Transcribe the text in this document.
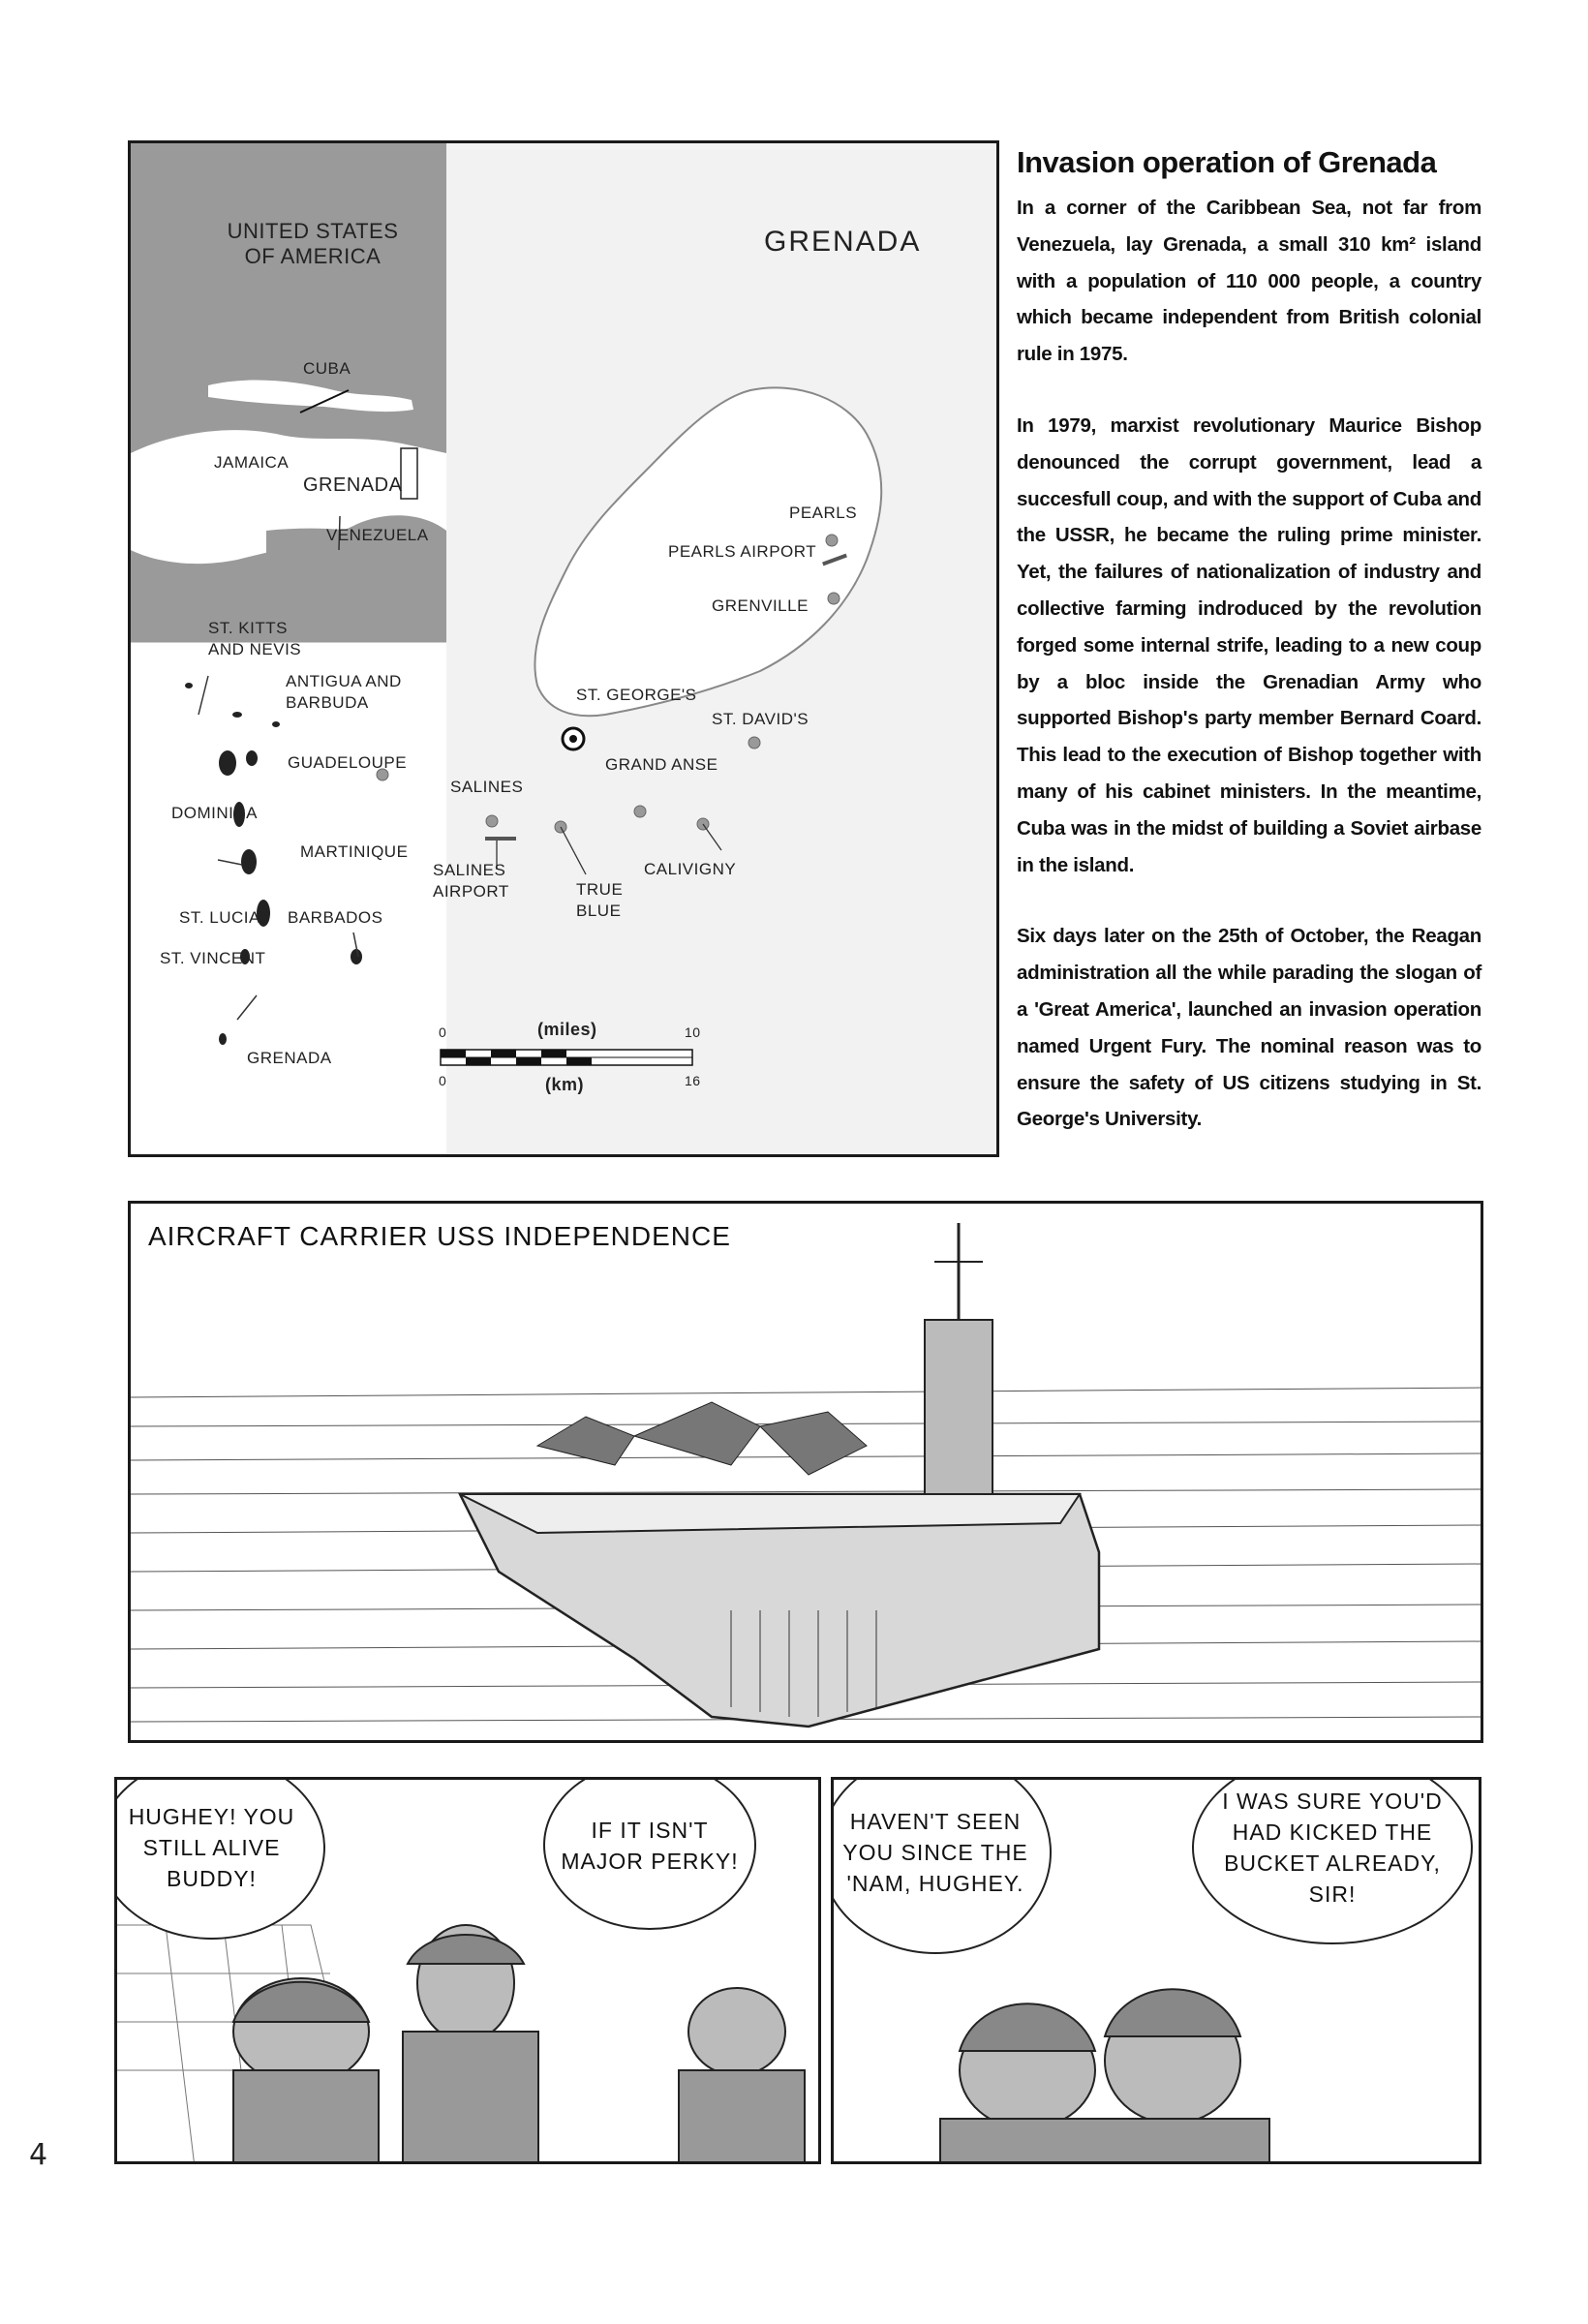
UNITED STATES OF AMERICA	GRENADA
CUBA
JAMAICA
GRENADA
VENEZUELA
PEARLS
PEARLS AIRPORT
GRENVILLE
ST. KITTS AND NEVIS
ST. GEORGE'S
ST. DAVID'S
ANTIGUA AND BARBUDA
GUADELOUPE	GRAND ANSE
SALINES
DOMINICA
MARTINIQUE
SALINES AIRPORT	TRUE BLUE
CALIVIGNY
ST. LUCIA BARBADOS
ST. VINCENT
GRENADA
0	(miles)	10
0	(km)	16
Invasion operation of Grenada

In a corner of the Caribbean Sea, not far from Venezuela, lay Grenada, a small 310 km² island with a population of 110 000 people, a country which became independent from British colonial rule in 1975.

In 1979, marxist revolutionary Maurice Bishop denounced the corrupt government, lead a succesfull coup, and with the support of Cuba and the USSR, he became the ruling prime minister. Yet, the failures of nationalization of industry and collective farming indroduced by the revolution forged some internal strife, leading to a new coup by a bloc inside the Grenadian Army who supported Bishop's party member Bernard Coard. This lead to the execution of Bishop together with many of his cabinet ministers. In the meantime, Cuba was in the midst of building a Soviet airbase in the island.

Six days later on the 25th of October, the Reagan administration all the while parading the slogan of a 'Great America', launched an invasion operation named Urgent Fury. The nominal reason was to ensure the safety of US citizens studying in St. George's University.

AIRCRAFT CARRIER USS INDEPENDENCE
HUGHEY! YOU STILL ALIVE BUDDY!
IF IT ISN'T MAJOR PERKY!
HAVEN'T SEEN YOU SINCE THE 'NAM, HUGHEY.
I WAS SURE YOU'D HAD KICKED THE BUCKET ALREADY, SIR!
4
